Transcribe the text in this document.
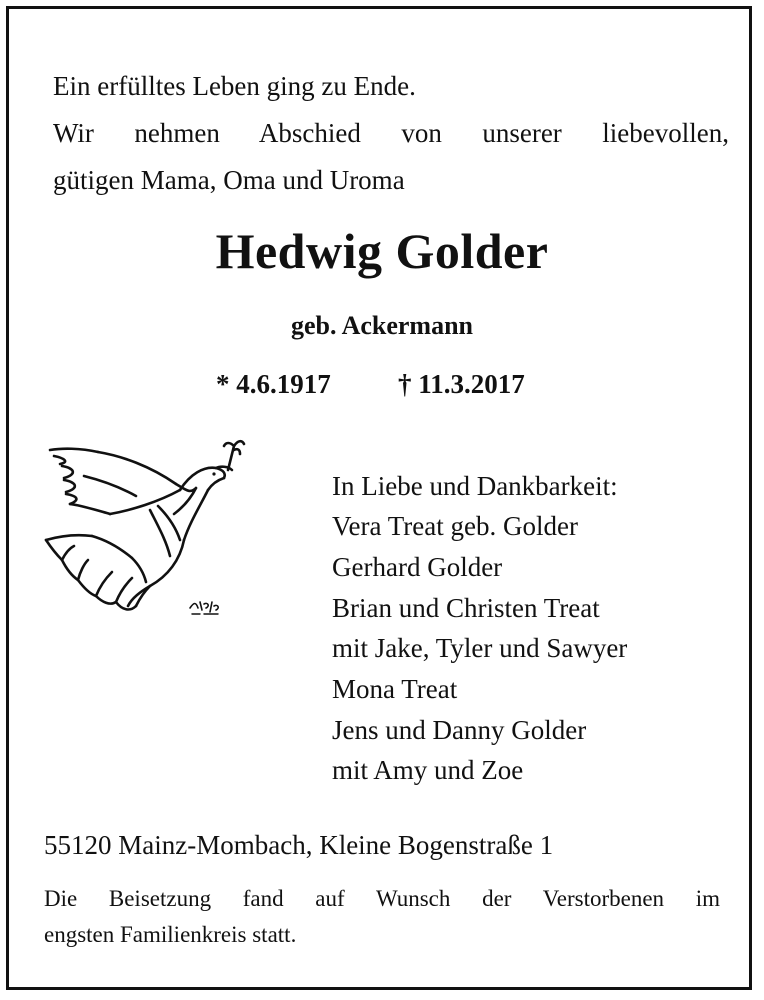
Ein erfülltes Leben ging zu Ende.

Wir nehmen Abschied von unserer liebevollen,

gütigen Mama, Oma und Uroma

Hedwig Golder
geb. Ackermann
* 4.6.1917 † 11.3.2017
In Liebe und Dankbarkeit:
Vera Treat geb. Golder
Gerhard Golder
Brian und Christen Treat
mit Jake, Tyler und Sawyer
Mona Treat
Jens und Danny Golder
mit Amy und Zoe
55120 Mainz-Mombach, Kleine Bogenstraße 1

Die Beisetzung fand auf Wunsch der Verstorbenen im

engsten Familienkreis statt.
